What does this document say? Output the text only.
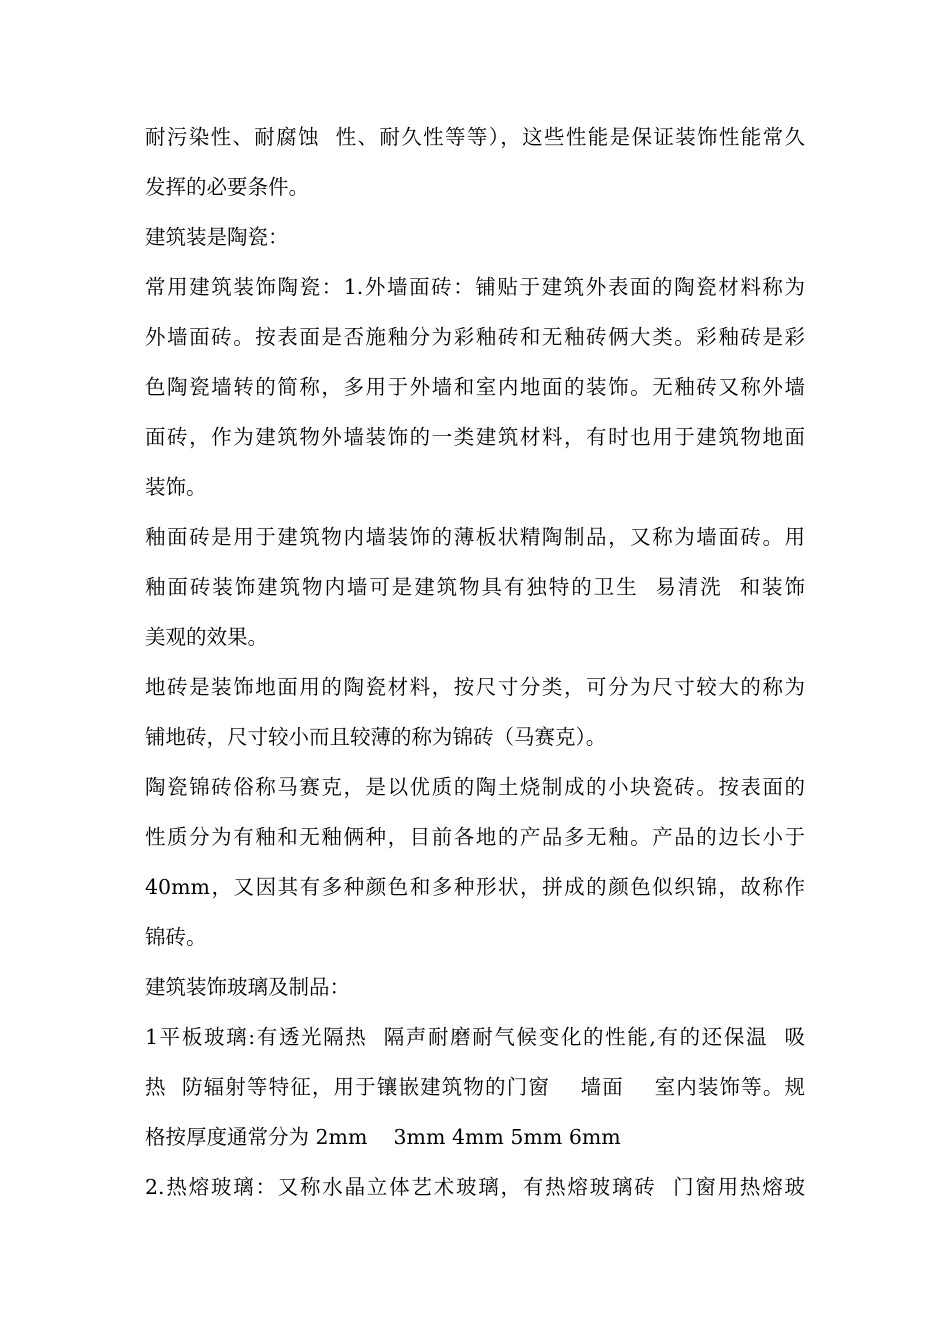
耐污染性、耐腐蚀  性、耐久性等等），这些性能是保证装饰性能常久
发挥的必要条件。
建筑装是陶瓷：
常用建筑装饰陶瓷：1.外墙面砖：铺贴于建筑外表面的陶瓷材料称为
外墙面砖。按表面是否施釉分为彩釉砖和无釉砖俩大类。彩釉砖是彩
色陶瓷墙转的简称，多用于外墙和室内地面的装饰。无釉砖又称外墙
面砖，作为建筑物外墙装饰的一类建筑材料，有时也用于建筑物地面
装饰。
釉面砖是用于建筑物内墙装饰的薄板状精陶制品，又称为墙面砖。用
釉面砖装饰建筑物内墙可是建筑物具有独特的卫生  易清洗  和装饰
美观的效果。
地砖是装饰地面用的陶瓷材料，按尺寸分类，可分为尺寸较大的称为
铺地砖，尺寸较小而且较薄的称为锦砖（马赛克）。
陶瓷锦砖俗称马赛克，是以优质的陶土烧制成的小块瓷砖。按表面的
性质分为有釉和无釉俩种，目前各地的产品多无釉。产品的边长小于
40mm，又因其有多种颜色和多种形状，拼成的颜色似织锦，故称作
锦砖。
建筑装饰玻璃及制品：
1平板玻璃:有透光隔热  隔声耐磨耐气候变化的性能,有的还保温  吸
热  防辐射等特征，用于镶嵌建筑物的门窗    墙面    室内装饰等。规
格按厚度通常分为 2mm    3mm 4mm 5mm 6mm
2.热熔玻璃：又称水晶立体艺术玻璃，有热熔玻璃砖  门窗用热熔玻
